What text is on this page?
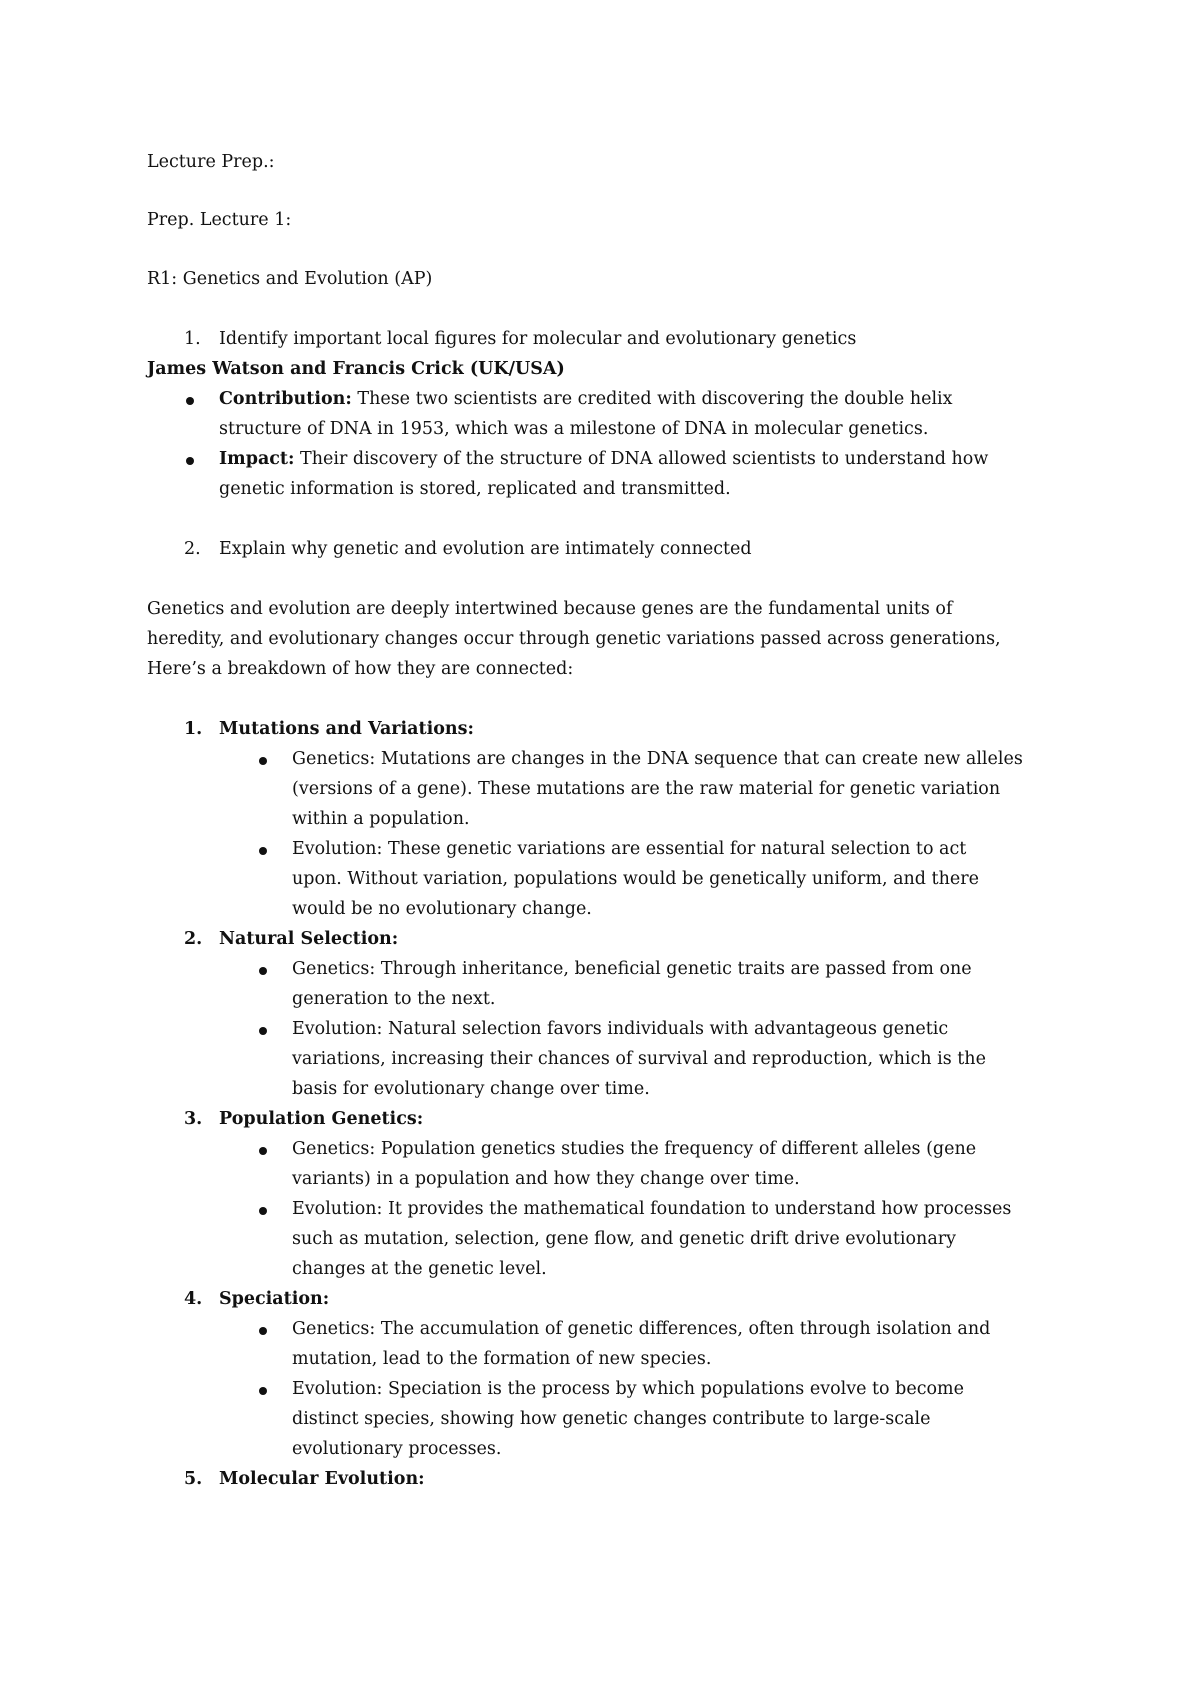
Lecture Prep.:
Prep. Lecture 1:
R1: Genetics and Evolution (AP)
1. Identify important local figures for molecular and evolutionary genetics
James Watson and Francis Crick (UK/USA)
Contribution: These two scientists are credited with discovering the double helix
structure of DNA in 1953, which was a milestone of DNA in molecular genetics.
Impact: Their discovery of the structure of DNA allowed scientists to understand how
genetic information is stored, replicated and transmitted.
2. Explain why genetic and evolution are intimately connected
Genetics and evolution are deeply intertwined because genes are the fundamental units of
heredity, and evolutionary changes occur through genetic variations passed across generations,
Here’s a breakdown of how they are connected:
1. Mutations and Variations:
Genetics: Mutations are changes in the DNA sequence that can create new alleles
(versions of a gene). These mutations are the raw material for genetic variation
within a population.
Evolution: These genetic variations are essential for natural selection to act
upon. Without variation, populations would be genetically uniform, and there
would be no evolutionary change.
2. Natural Selection:
Genetics: Through inheritance, beneficial genetic traits are passed from one
generation to the next.
Evolution: Natural selection favors individuals with advantageous genetic
variations, increasing their chances of survival and reproduction, which is the
basis for evolutionary change over time.
3. Population Genetics:
Genetics: Population genetics studies the frequency of different alleles (gene
variants) in a population and how they change over time.
Evolution: It provides the mathematical foundation to understand how processes
such as mutation, selection, gene flow, and genetic drift drive evolutionary
changes at the genetic level.
4. Speciation:
Genetics: The accumulation of genetic differences, often through isolation and
mutation, lead to the formation of new species.
Evolution: Speciation is the process by which populations evolve to become
distinct species, showing how genetic changes contribute to large-scale
evolutionary processes.
5. Molecular Evolution:
